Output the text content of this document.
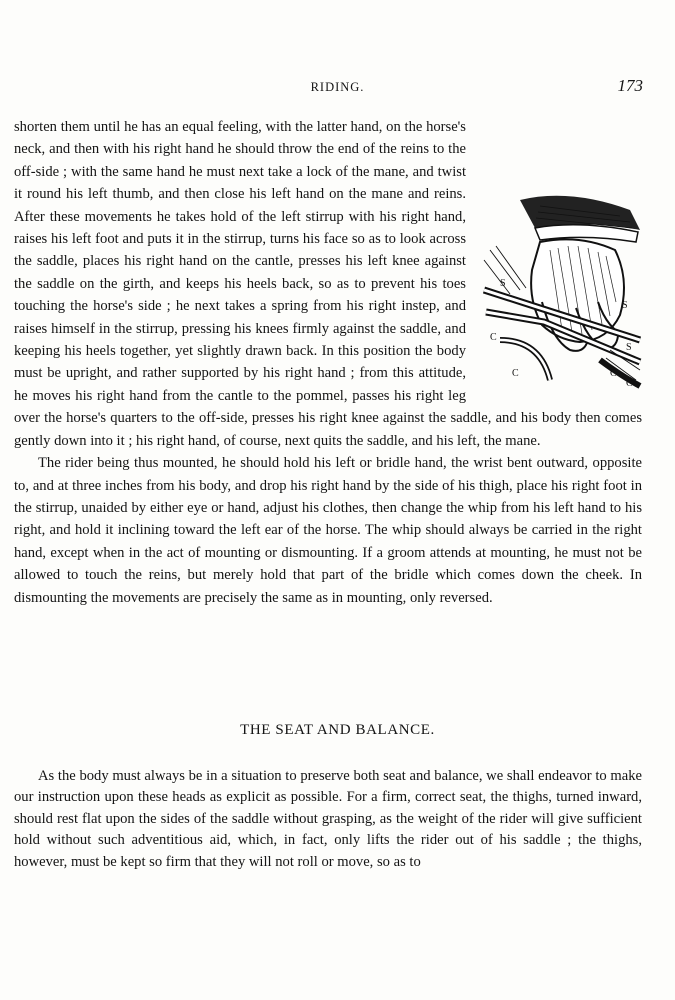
RIDING.	173
S
S
S
C
C	C
C

shorten them until he has an equal feeling, with the latter hand, on the horse's neck, and then with his right hand he should throw the end of the reins to the off-side ; with the same hand he must next take a lock of the mane, and twist it round his left thumb, and then close his left hand on the mane and reins. After these movements he takes hold of the left stirrup with his right hand, raises his left foot and puts it in the stirrup, turns his face so as to look across the saddle, places his right hand on the cantle, presses his left knee against the saddle on the girth, and keeps his heels back, so as to prevent his toes touching the horse's side ; he next takes a spring from his right instep, and raises himself in the stirrup, pressing his knees firmly against the saddle, and keeping his heels together, yet slightly drawn back. In this position the body must be upright, and rather supported by his right hand ; from this attitude, he moves his right hand from the cantle to the pommel, passes his right leg over the horse's quarters to the off-side, presses his right knee against the saddle, and his body then comes gently down into it ; his right hand, of course, next quits the saddle, and his left, the mane.

The rider being thus mounted, he should hold his left or bridle hand, the wrist bent outward, opposite to, and at three inches from his body, and drop his right hand by the side of his thigh, place his right foot in the stirrup, unaided by either eye or hand, adjust his clothes, then change the whip from his left hand to his right, and hold it inclining toward the left ear of the horse. The whip should always be carried in the right hand, except when in the act of mounting or dismounting. If a groom attends at mounting, he must not be allowed to touch the reins, but merely hold that part of the bridle which comes down the cheek. In dismounting the movements are precisely the same as in mounting, only reversed.

THE SEAT AND BALANCE.

As the body must always be in a situation to preserve both seat and balance, we shall endeavor to make our instruction upon these heads as explicit as possible. For a firm, correct seat, the thighs, turned inward, should rest flat upon the sides of the saddle without grasping, as the weight of the rider will give sufficient hold without such adventitious aid, which, in fact, only lifts the rider out of his saddle ; the thighs, however, must be kept so firm that they will not roll or move, so as to
